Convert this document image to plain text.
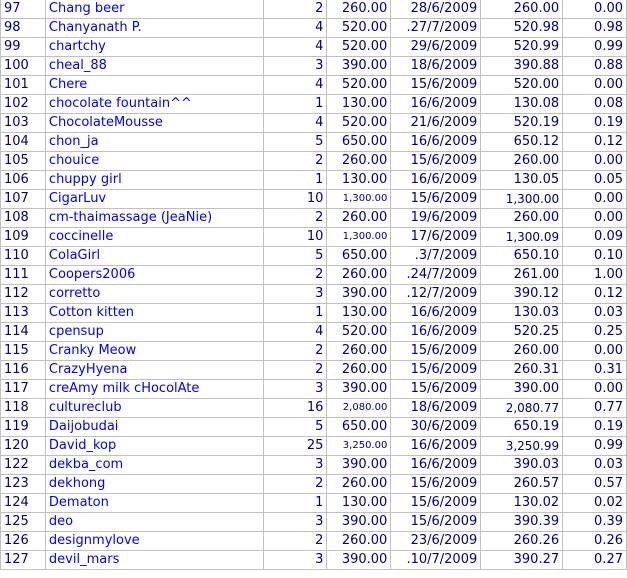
97	Chang beer	2	260.00	28/6/2009	260.00	0.00
98	Chanyanath P.	4	520.00	.27/7/2009	520.98	0.98
99	chartchy	4	520.00	29/6/2009	520.99	0.99
100	cheal_88	3	390.00	18/6/2009	390.88	0.88
101	Chere	4	520.00	15/6/2009	520.00	0.00
102	chocolate fountain^^	1	130.00	16/6/2009	130.08	0.08
103	ChocolateMousse	4	520.00	21/6/2009	520.19	0.19
104	chon_ja	5	650.00	16/6/2009	650.12	0.12
105	chouice	2	260.00	15/6/2009	260.00	0.00
106	chuppy girl	1	130.00	16/6/2009	130.05	0.05
107	CigarLuv	10	1,300.00	15/6/2009	1,300.00	0.00
108	cm-thaimassage (JeaNie)	2	260.00	19/6/2009	260.00	0.00
109	coccinelle	10	1,300.00	17/6/2009	1,300.09	0.09
110	ColaGirl	5	650.00	.3/7/2009	650.10	0.10
111	Coopers2006	2	260.00	.24/7/2009	261.00	1.00
112	corretto	3	390.00	.12/7/2009	390.12	0.12
113	Cotton kitten	1	130.00	16/6/2009	130.03	0.03
114	cpensup	4	520.00	16/6/2009	520.25	0.25
115	Cranky Meow	2	260.00	15/6/2009	260.00	0.00
116	CrazyHyena	2	260.00	15/6/2009	260.31	0.31
117	creAmy milk cHocolAte	3	390.00	15/6/2009	390.00	0.00
118	cultureclub	16	2,080.00	18/6/2009	2,080.77	0.77
119	Daijobudai	5	650.00	30/6/2009	650.19	0.19
120	David_kop	25	3,250.00	16/6/2009	3,250.99	0.99
122	dekba_com	3	390.00	16/6/2009	390.03	0.03
123	dekhong	2	260.00	15/6/2009	260.57	0.57
124	Dematon	1	130.00	15/6/2009	130.02	0.02
125	deo	3	390.00	15/6/2009	390.39	0.39
126	designmylove	2	260.00	23/6/2009	260.26	0.26
127	devil_mars	3	390.00	.10/7/2009	390.27	0.27
